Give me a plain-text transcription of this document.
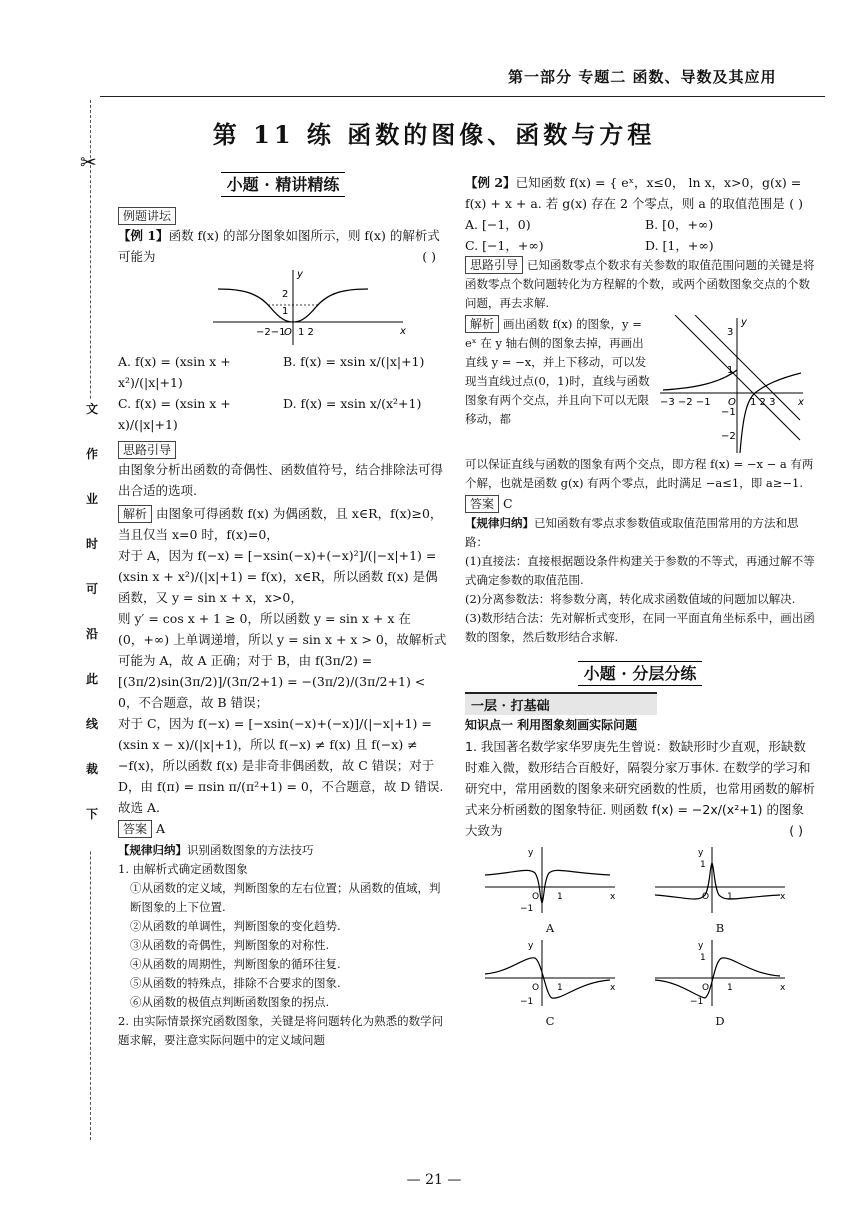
第一部分 专题二 函数、导数及其应用
第 11 练 函数的图像、函数与方程
✂
文
作
业
时
可
沿
此
线
裁
下
小题 · 精讲精练
例题讲坛
【例 1】函数 f(x) 的部分图象如图所示，则 f(x) 的解析式可能为	( )
y
x
2
1
−2−1
O 1 2
A. f(x) = (xsin x + x²)/(|x|+1)
B. f(x) = xsin x/(|x|+1)
C. f(x) = (xsin x + x)/(|x|+1)
D. f(x) = xsin x/(x²+1)
思路引导
由图象分析出函数的奇偶性、函数值符号，结合排除法可得出合适的选项.
解析 由图象可得函数 f(x) 为偶函数，且 x∈R，f(x)≥0，当且仅当 x=0 时，f(x)=0，
对于 A，因为 f(−x) = [−xsin(−x)+(−x)²]/(|−x|+1) = (xsin x + x²)/(|x|+1) = f(x)，x∈R，所以函数 f(x) 是偶函数，又 y = sin x + x，x>0，
则 y′ = cos x + 1 ≥ 0，所以函数 y = sin x + x 在 (0，+∞) 上单调递增，所以 y = sin x + x > 0，故解析式可能为 A，故 A 正确；对于 B，由 f(3π/2) = [(3π/2)sin(3π/2)]/(3π/2+1) = −(3π/2)/(3π/2+1) < 0，不合题意，故 B 错误；
对于 C，因为 f(−x) = [−xsin(−x)+(−x)]/(|−x|+1) = (xsin x − x)/(|x|+1)，所以 f(−x) ≠ f(x) 且 f(−x) ≠ −f(x)，所以函数 f(x) 是非奇非偶函数，故 C 错误；对于 D，由 f(π) = πsin π/(π²+1) = 0，不合题意，故 D 错误. 故选 A.
答案 A
【规律归纳】识别函数图象的方法技巧
1. 由解析式确定函数图象
①从函数的定义域，判断图象的左右位置；从函数的值域，判断图象的上下位置.
②从函数的单调性，判断图象的变化趋势.
③从函数的奇偶性，判断图象的对称性.
④从函数的周期性，判断图象的循环往复.
⑤从函数的特殊点，排除不合要求的图象.
⑥从函数的极值点判断函数图象的拐点.
2. 由实际情景探究函数图象，关键是将问题转化为熟悉的数学问题求解，要注意实际问题中的定义域问题
【例 2】已知函数 f(x) = { eˣ，x≤0， ln x，x>0，g(x) = f(x) + x + a. 若 g(x) 存在 2 个零点，则 a 的取值范围是 ( )
A. [−1，0)	B. [0，+∞)
C. [−1，+∞)	D. [1，+∞)
思路引导 已知函数零点个数求有关参数的取值范围问题的关键是将函数零点个数问题转化为方程解的个数，或两个函数图象交点的个数问题，再去求解.
解析 画出函数 f(x) 的图象，y = eˣ 在 y 轴右侧的图象去掉，再画出直线 y = −x，并上下移动，可以发现当直线过点(0，1)时，直线与函数图象有两个交点，并且向下可以无限移动，都
y
x
3
1
−1
−2
−3 −2 −1 O 1 2 3
可以保证直线与函数的图象有两个交点，即方程 f(x) = −x − a 有两个解，也就是函数 g(x) 有两个零点，此时满足 −a≤1，即 a≥−1.
答案 C
【规律归纳】已知函数有零点求参数值或取值范围常用的方法和思路：
(1)直接法：直接根据题设条件构建关于参数的不等式，再通过解不等式确定参数的取值范围.
(2)分离参数法：将参数分离，转化成求函数值域的问题加以解决.
(3)数形结合法：先对解析式变形，在同一平面直角坐标系中，画出函数的图象，然后数形结合求解.
小题 · 分层分练
一层 · 打基础
知识点一 利用图象刻画实际问题
1. 我国著名数学家华罗庚先生曾说：数缺形时少直观，形缺数时难入微，数形结合百般好，隔裂分家万事休. 在数学的学习和研究中，常用函数的图象来研究函数的性质，也常用函数的解析式来分析函数的图象特征. 则函数 f(x) = −2x/(x²+1) 的图象大致为	( )
y
x
O 1
−1
A
y
x
1
O 1
B
y
x
O 1
−1
C
y
x
1
O 1
−1
D
— 21 —
